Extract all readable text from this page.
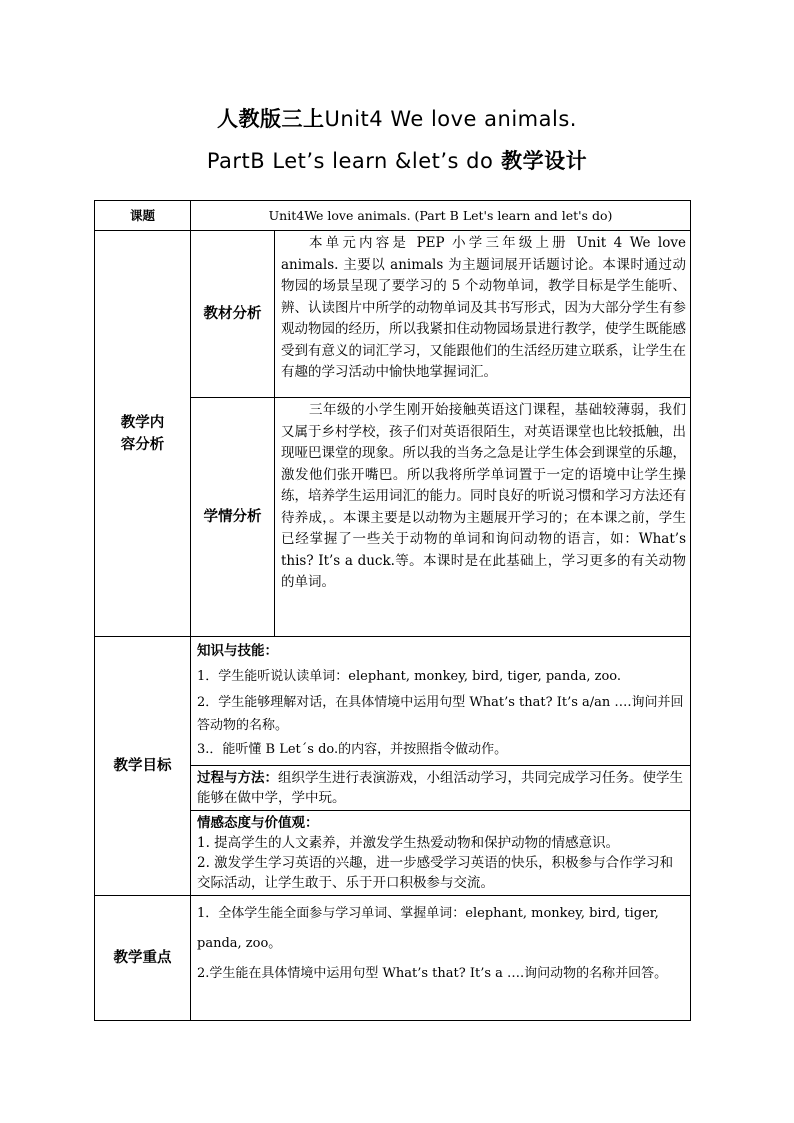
人教版三上Unit4 We love animals.
PartB Let’s learn &let’s do 教学设计
课题	Unit4We love animals. (Part B Let's learn and let's do)	

教学内容分析	教材分析	本单元内容是 PEP 小学三年级上册 Unit 4 We love animals. 主要以 animals 为主题词展开话题讨论。本课时通过动物园的场景呈现了要学习的 5 个动物单词，教学目标是学生能听、辨、认读图片中所学的动物单词及其书写形式，因为大部分学生有参观动物园的经历，所以我紧扣住动物园场景进行教学，使学生既能感受到有意义的词汇学习，又能跟他们的生活经历建立联系，让学生在有趣的学习活动中愉快地掌握词汇。

	学情分析	三年级的小学生刚开始接触英语这门课程，基础较薄弱，我们又属于乡村学校，孩子们对英语很陌生，对英语课堂也比较抵触，出现哑巴课堂的现象。所以我的当务之急是让学生体会到课堂的乐趣，激发他们张开嘴巴。所以我将所学单词置于一定的语境中让学生操练，培养学生运用词汇的能力。同时良好的听说习惯和学习方法还有待养成，。本课主要是以动物为主题展开学习的；在本课之前，学生已经掌握了一些关于动物的单词和询问动物的语言，如：What’s this? It’s a duck.等。本课时是在此基础上，学习更多的有关动物的单词。

教学目标	知识与技能：
1．学生能听说认读单词：elephant, monkey, bird, tiger, panda, zoo.
2．学生能够理解对话，在具体情境中运用句型 What’s that? It’s a/an ….询问并回答动物的名称。
3.．能听懂 B Let´s do.的内容，并按照指令做动作。	

	过程与方法：组织学生进行表演游戏，小组活动学习，共同完成学习任务。使学生能够在做中学，学中玩。	

	情感态度与价值观：
1. 提高学生的人文素养，并激发学生热爱动物和保护动物的情感意识。
2. 激发学生学习英语的兴趣，进一步感受学习英语的快乐，积极参与合作学习和交际活动，让学生敢于、乐于开口积极参与交流。	

教学重点	1．全体学生能全面参与学习单词、掌握单词：elephant, monkey, bird, tiger, panda, zoo。

2.学生能在具体情境中运用句型 What’s that? It’s a ….询问动物的名称并回答。	
